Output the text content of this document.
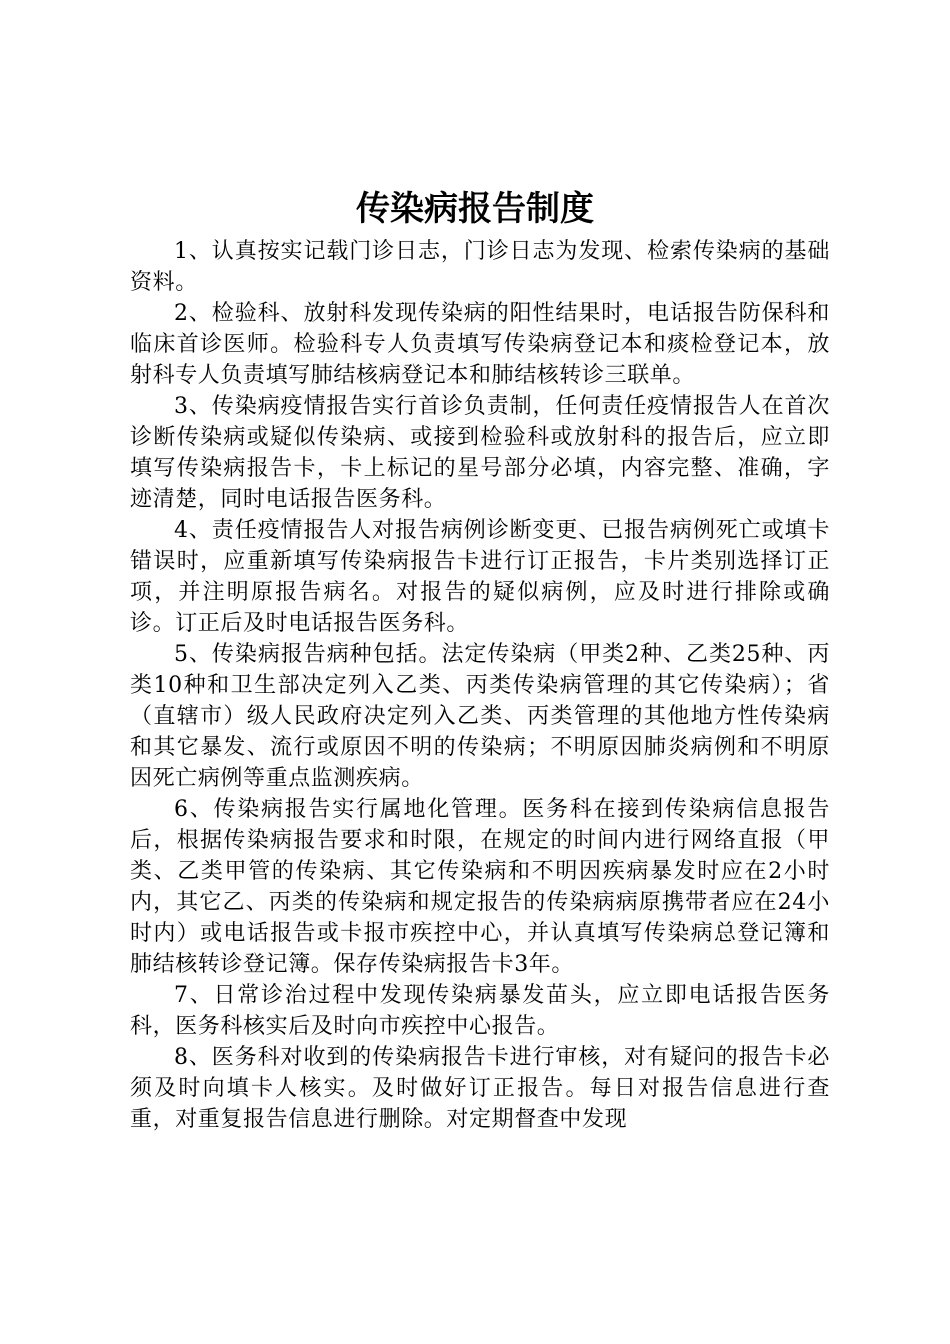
传染病报告制度

1、认真按实记载门诊日志，门诊日志为发现、检索传染病的基础资料。

2、检验科、放射科发现传染病的阳性结果时，电话报告防保科和临床首诊医师。检验科专人负责填写传染病登记本和痰检登记本，放射科专人负责填写肺结核病登记本和肺结核转诊三联单。

3、传染病疫情报告实行首诊负责制，任何责任疫情报告人在首次诊断传染病或疑似传染病、或接到检验科或放射科的报告后，应立即填写传染病报告卡，卡上标记的星号部分必填，内容完整、准确，字迹清楚，同时电话报告医务科。

4、责任疫情报告人对报告病例诊断变更、已报告病例死亡或填卡错误时，应重新填写传染病报告卡进行订正报告，卡片类别选择订正项，并注明原报告病名。对报告的疑似病例，应及时进行排除或确诊。订正后及时电话报告医务科。

5、传染病报告病种包括。法定传染病（甲类2种、乙类25种、丙类10种和卫生部决定列入乙类、丙类传染病管理的其它传染病）；省（直辖市）级人民政府决定列入乙类、丙类管理的其他地方性传染病和其它暴发、流行或原因不明的传染病；不明原因肺炎病例和不明原因死亡病例等重点监测疾病。

6、传染病报告实行属地化管理。医务科在接到传染病信息报告后，根据传染病报告要求和时限，在规定的时间内进行网络直报（甲类、乙类甲管的传染病、其它传染病和不明因疾病暴发时应在2小时内，其它乙、丙类的传染病和规定报告的传染病病原携带者应在24小时内）或电话报告或卡报市疾控中心，并认真填写传染病总登记簿和肺结核转诊登记簿。保存传染病报告卡3年。

7、日常诊治过程中发现传染病暴发苗头，应立即电话报告医务科，医务科核实后及时向市疾控中心报告。

8、医务科对收到的传染病报告卡进行审核，对有疑问的报告卡必须及时向填卡人核实。及时做好订正报告。每日对报告信息进行查重，对重复报告信息进行删除。对定期督查中发现
